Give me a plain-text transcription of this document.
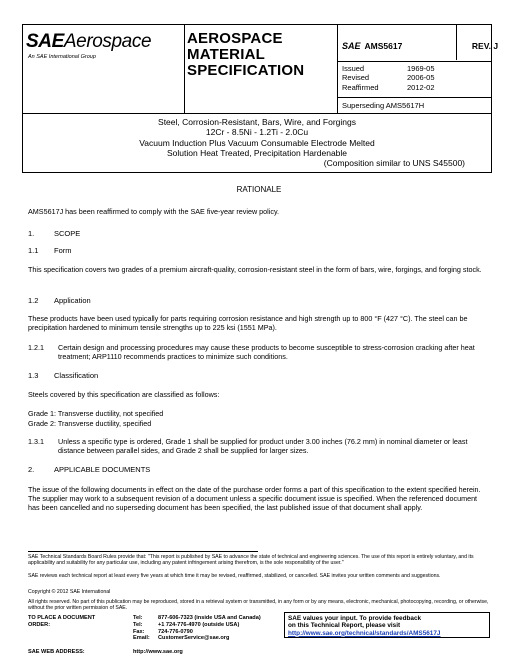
SAEAerospace
An SAE International Group
AEROSPACE
MATERIAL
SPECIFICATION
SAE AMS5617	REV. J
Issued	1969-05
Revised	2006-05
Reaffirmed	2012-02
Superseding AMS5617H
Steel, Corrosion-Resistant, Bars, Wire, and Forgings
12Cr - 8.5Ni - 1.2Ti - 2.0Cu
Vacuum Induction Plus Vacuum Consumable Electrode Melted
Solution Heat Treated, Precipitation Hardenable
(Composition similar to UNS S45500)
RATIONALE
AMS5617J has been reaffirmed to comply with the SAE five-year review policy.
1.	SCOPE
1.1 Form
This specification covers two grades of a premium aircraft-quality, corrosion-resistant steel in the form of bars, wire, forgings, and forging stock.
1.2 Application
These products have been used typically for parts requiring corrosion resistance and high strength up to 800 °F (427 °C). The steel can be precipitation hardened to minimum tensile strengths up to 225 ksi (1551 MPa).
1.2.1	Certain design and processing procedures may cause these products to become susceptible to stress-corrosion cracking after heat treatment; ARP1110 recommends practices to minimize such conditions.
1.3 Classification
Steels covered by this specification are classified as follows:
Grade 1: Transverse ductility, not specified
Grade 2: Transverse ductility, specified
1.3.1	Unless a specific type is ordered, Grade 1 shall be supplied for product under 3.00 inches (76.2 mm) in nominal diameter or least distance between parallel sides, and Grade 2 shall be supplied for larger sizes.
2.	APPLICABLE DOCUMENTS
The issue of the following documents in effect on the date of the purchase order forms a part of this specification to the extent specified herein. The supplier may work to a subsequent revision of a document unless a specific document issue is specified. When the referenced document has been cancelled and no superseding document has been specified, the last published issue of that document shall apply.
SAE Technical Standards Board Rules provide that: "This report is published by SAE to advance the state of technical and engineering sciences. The use of this report is entirely voluntary, and its applicability and suitability for any particular use, including any patent infringement arising therefrom, is the sole responsibility of the user."
SAE reviews each technical report at least every five years at which time it may be revised, reaffirmed, stabilized, or cancelled. SAE invites your written comments and suggestions.
Copyright © 2012 SAE International
All rights reserved. No part of this publication may be reproduced, stored in a retrieval system or transmitted, in any form or by any means, electronic, mechanical, photocopying, recording, or otherwise, without the prior written permission of SAE.
TO PLACE A DOCUMENT ORDER:
Tel:	877-606-7323 (inside USA and Canada)
Tel:	+1 724-776-4970 (outside USA)
Fax:	724-776-0790
Email:	CustomerService@sae.org
SAE WEB ADDRESS:	http://www.sae.org
SAE values your input. To provide feedback
on this Technical Report, please visit
http://www.sae.org/technical/standards/AMS5617J
